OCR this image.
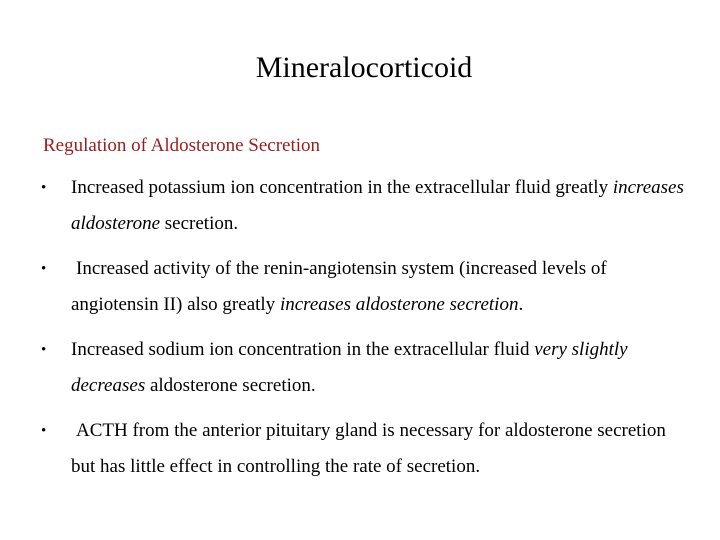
Mineralocorticoid

Regulation of Aldosterone Secretion

• Increased potassium ion concentration in the extracellular fluid greatly increases aldosterone secretion.
• Increased activity of the renin-angiotensin system (increased levels of angiotensin II) also greatly increases aldosterone secretion.
• Increased sodium ion concentration in the extracellular fluid very slightly decreases aldosterone secretion.
• ACTH from the anterior pituitary gland is necessary for aldosterone secretion but has little effect in controlling the rate of secretion.
